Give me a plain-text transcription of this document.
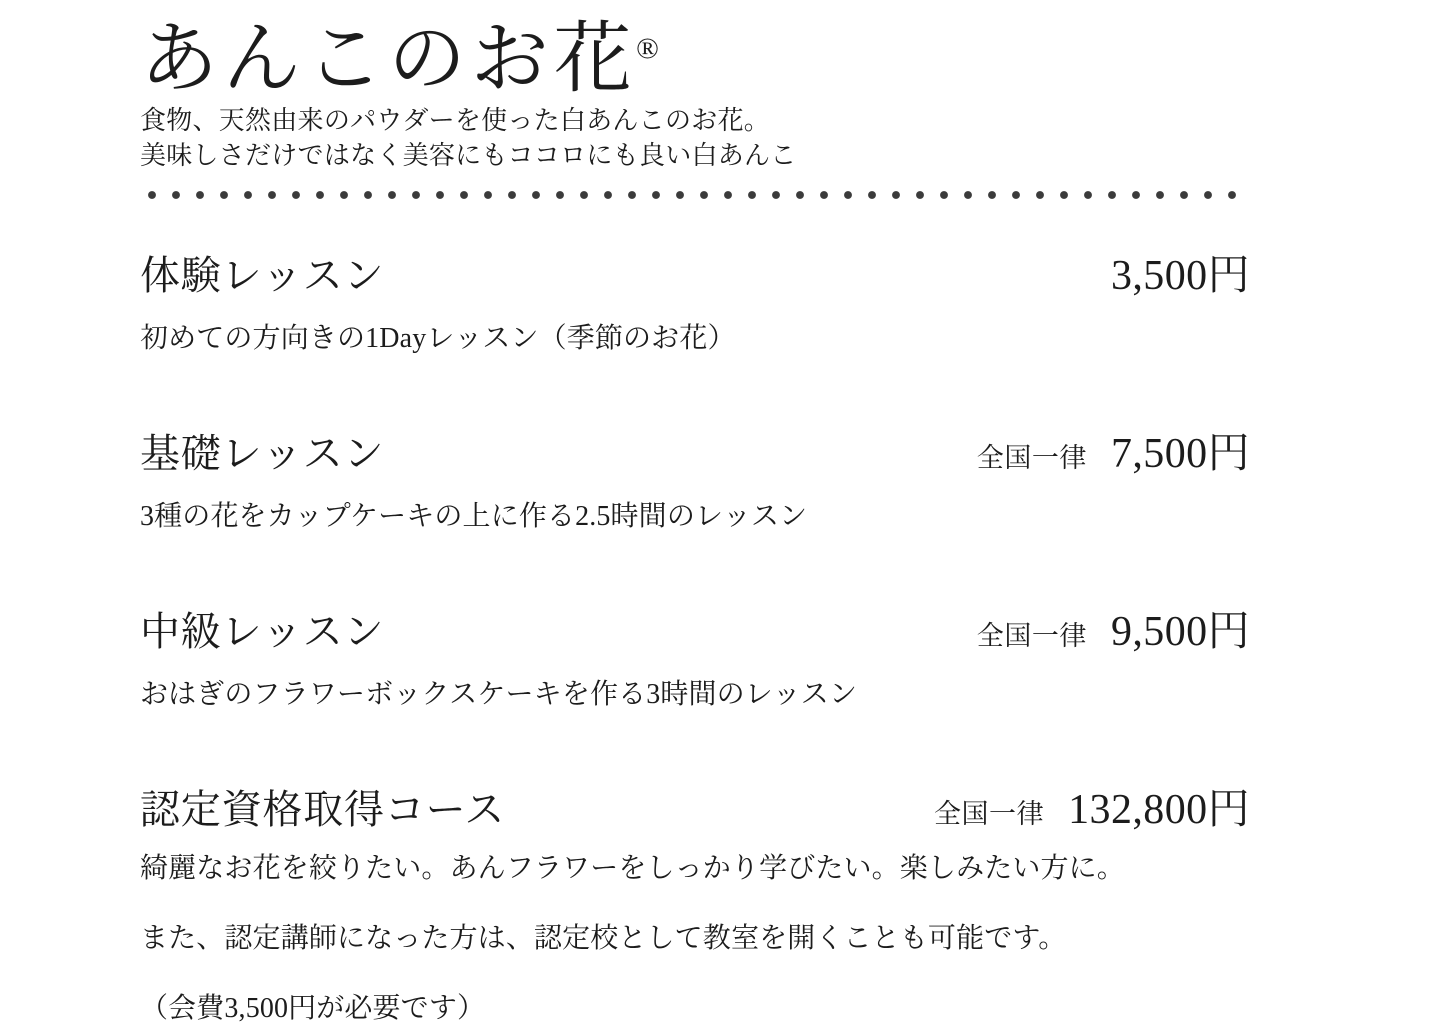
あんこのお花®

食物、天然由来のパウダーを使った白あんこのお花。

美味しさだけではなく美容にもココロにも良い白あんこ

体験レッスン	3,500円

初めての方向きの1Dayレッスン（季節のお花）

基礎レッスン	全国一律 7,500円

3種の花をカップケーキの上に作る2.5時間のレッスン

中級レッスン	全国一律 9,500円

おはぎのフラワーボックスケーキを作る3時間のレッスン

認定資格取得コース	全国一律 132,800円

綺麗なお花を絞りたい。あんフラワーをしっかり学びたい。楽しみたい方に。

また、認定講師になった方は、認定校として教室を開くことも可能です。

（会費3,500円が必要です）
